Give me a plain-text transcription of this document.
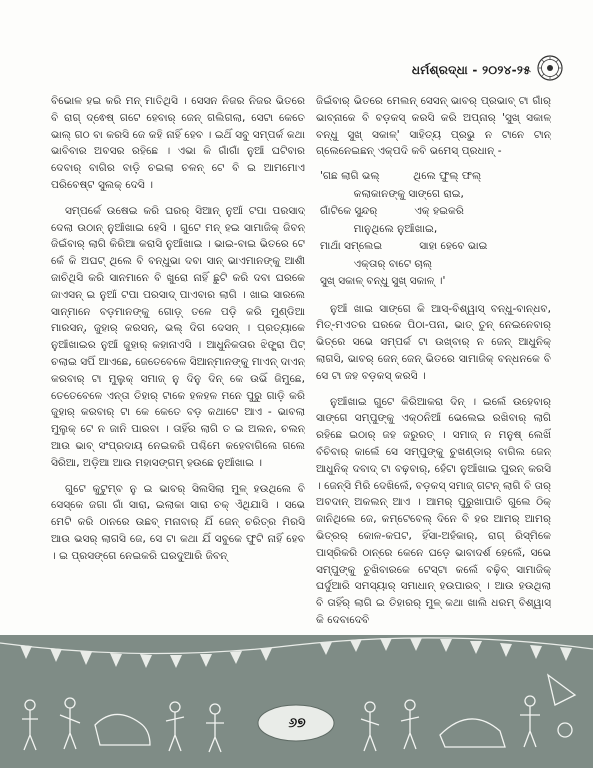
ଧର୍ମଶ୍ରଦ୍ଧା - ୨୦୨୪-୨୫

ବିଭୋଳ ହଇ କରି ମନ୍ ମାତିଥିସି । ସେସନ ନିଜର ନିଜର ଭିତରେ ବି ରାଗ୍ ଦ୍ଵେଷ୍ ଗଟେ ହେବାର୍ ଜେନ୍ ଗଲିଗଲା, ସେଟା କେତେ ଭାଲ୍ ଗଠ ବା କରସି ଜେ କହି ନାହିଁ ହେବ । ଇଥିଁ ସବୁ ସମ୍ପର୍କ କଥା ଭାବିବାର ଅବସର ରହିଛେ । ଏଭା କି ଗାଁଗାଁ ନୁଆଁ ଘଟିବାର ଦେବାର୍ ବାଗିର ବାଡ଼ି ଚଇଲା ଚଳନ୍ ଟେ ବି ଇ ଆମମୋଏ ପରିବେଷ୍ଟ ସୁଲକ୍ ଦେସି ।

ସମ୍ପର୍କେ ଉଷେଇ କରି ଘରର୍ ସିଆନ୍ ନୁଆଁ ଟପା ପରସାଦ୍ ଦେଲା ଉଠାନ୍ ନୁଆଁଖାଇ ହେସି । ଗୁଟେ ମନ୍ ହଇ ସାମାଜିକ୍ ଜିବନ୍ ଜିଇଁବାର୍ ଲାଗି କିରିଆ କରାସି ନୁଆଁଖାଇ । ଭାଇ-ବାଇ ଭିତରେ ଟେ କେଁ କି ଅଘଟ୍ ଥିଲେ ବି ବନ୍ଧୁଭା ଦବା ସାନ୍ ଭାଏମାନଙ୍କୁ ଆଶୀଁ ଜାଚିଥିସି କରି ସାନମାନେ ବି ଖୁରୋ ନାହିଁ ଛୁଟି କରି ଦବା ଘରକେ ଜାଏସନ୍ ଇ ନୁଆଁ ଟପା ପରସାଦ୍ ପାଏବାର ଲାଗି । ଖାଇ ସାରଲେ ସାନ୍ମାନେ ବଡ଼ମାନଙ୍କୁ ଗୋଡ଼୍ ତଳେ ପଡ଼ି କରି ମୁଣ୍ଡିଆ ମାରସନ୍, ଜୁହାର୍ କରସନ୍, ଭଲ୍ ଦିଗ ଦେସନ୍ । ପ୍ରତ୍ୟାକେ ନୁଆଁଖାଇର ନୁଆଁ ଜୁହାର୍ କହାନାଏସି । ଆଧୁନିକତାର ଝିଙ୍ଗ୍ରା ପିଟ୍ ଚଲାଇ ସପିଁ ଆଏଛେ, ଜେତେବେଳେ ସିଆନ୍ମାନଙ୍କୁ ମାଏନ୍ ଦାଏନ୍ କରବାର୍ ଟା ମୁଲୁକ୍ ସମାଜ୍ ନୁ ଦିନୁ ଦିନ୍ କେ ଉଭିଁ ଜିମୁଛେ, ତେତେବେଳେ ଏନ୍ତା ତିହାର୍ ଟାକେ ହଳହଳ ମନେ ପୁରୁ ଗାଡ଼ି କରି ଜୁହାର୍ କରବାର୍ ଟା କେ କେତେ ବଡ଼ କଥାଟେ ଆଏ - ଭାବଲା ମୁଲୁକ୍ ଟେ ନ ଜାନି ପାରବା । ତାହିଁର ଲାଗି ତ ଇ ଅଲନ, ଚଲନ୍ ଆଉ ଭାବ୍ ସଂପ୍ରଦାୟ ନେଇକରି ପଶ୍ଚିମେ କହେବାଗିଲେ ଗଲେ ସିରିଆ, ଅଡ଼ିଆ ଆଉ ମହାସଙ୍ଗମ୍ ହଉଛେ ନୁଆଁଖାଇ ।

ଗୁଟେ କୁଟୁମ୍ବ ନୁ ଇ ଭାବର୍ ସିଲସିଲା ମୁଳ୍ ହଉଥିଲେ ବି ସେସ୍କେ ଜଗା ଗାଁ ସାରା, ଇଲାକା ସାରା ଚକ୍ ଏଁଥିଯାସି । ସଭେ ମେଟି କରି ଠାନରେ ଉଛବ୍ ମନାବାର୍ ଯିଁ ଜେନ୍ ଚରିତ୍ର ମିରସି ଆଉ ଭସର୍ ଲାଗସି ଜେ, ସେ ଟା କଥା ଯିଁ ସବୁକେ ଫୁଟି ନାହିଁ ହେବ । ଇ ପ୍ରସଙ୍ଗେ ନେଇକରି ଘରଦୁଆରି ଜିବନ୍

ଜିଇଁବାର୍ ଭିତରେ ମେଲନ୍ ସେସନ୍ ଭାବର୍ ପ୍ରଭାବ୍ ଟା ଗାଁର୍ ଭାବ୍ନାକେ ବି ବଡ଼କସ୍ କରସି କରି ଅପ୍ନାର୍ 'ସୁଖ୍ ସକାଳ୍ ବନ୍ଧୁ ସୁଖ୍ ସକାଳ୍' ସାହିତ୍ୟ ପ୍ରଭୁ ନ ଟାନେ ଟାନ୍ ଗ୍ଲେନେଇଛନ୍ ଏକ୍ପଦି କବି ଭମେସ୍ ପ୍ରଧାନ୍ -

'ଗଛ ଲାଗି ଭଲ୍          ଥିଲେ ଫୁଲ୍ ଫଲ୍
କଲାକାନଙ୍କୁ ସାଙ୍ଗେ ରାଇ,
ଗାଁଟିକେ ସୁନ୍ଦର୍           ଏକ୍ ହଇକରି
ମାନୁଥିଲେ ନୁଆଁଖାଇ,
ମାଥାଁ ସମ୍ଲେଇ           ସାହା ହେବେ ଭାଇ
ଏକ୍ତାର୍ ବାଟେ ଚାଲ୍
ସୁଖ୍ ସକାଳ୍ ବନ୍ଧୁ ସୁଖ୍ ସକାଳ୍ ।'

ନୁଆଁ ଖାଇ ସାଙ୍ଗେ କି ଆସ୍-ବିଶ୍ୱାସ୍ ବନ୍ଧୁ-ବାନ୍ଧବ, ମିତ୍-ମଏତର ଘରକେ ପିଠା-ପନା, ଭାତ୍ ତୁନ୍ ନେଇନେବାର୍ ଭିତ୍ରେ ସଭେ ସମ୍ପର୍କ ଟା ଉଖ୍ବାର୍ ନ ଜେନ୍ ଆଧୁନିକ୍ ଲାଗସି, ଭାବର୍ ଜେନ୍ ଜେନ୍ ଭିତରେ ସାମାଜିକ୍ ବନ୍ଧନକେ ବି ସେ ଟା ଜହ ବଡ଼କସ୍ କରସି ।

ନୁଆଁଖାଇ ଗୁଟେ କିରିଆକରା ଦିନ୍ । ଇଲେଁ ଉହେବାର୍ ସାଙ୍ଗେ ସମ୍ପୁଙ୍କୁ ଏକ୍ଠନିଆଁ ଭେଲେଇ ରଖିବାର୍ ଲାଗି ରହିଛେ ଇଠାର୍ ଜହ ଜରୁରତ୍ । ସମାଜ୍ ନ ମନୁଷ୍ ଲେଖିଁ ବଁଚିବାର୍ କାଲେଁ ସେ ସମ୍ପୁଙ୍କୁ ଚୁଖଣ୍ଡାର୍ ବାଗିଲ ଜେନ୍ ଆଧୁନିକ୍ ଦବାଦ୍ ଟା ବଢ଼ବାର୍, ହେଁଟା ନୁଆଁଖାଇ ପୁରନ୍ କରସି । ଜେନ୍ସି ମିରି ଦେଖିଲେଁ, ବଡ଼କସ୍ ସମାଜ୍ ଗଟନ୍ ଲାଗି ବି ତାର୍ ଅବଦାନ୍ ଅକଲନ୍ ଆଏ । ଆମର୍ ପୁରୁଖାପାତି ଗୁଲେ ଠିକ୍ ଜାନିଥିଲେ ଜେ, କମ୍ଟେବେଲ୍ ଦିନେ ବି ହର ଆମର୍ ଆମର୍ ଭିତ୍ରର୍ କୋଳ-କପଟ, ହିଁସା-ଅହଁକାର୍, ରାଗ୍ ରିସ୍ମିକେ ପାସ୍ରିକରି ଠାନ୍ରେ କେନେ ଘଡ଼େ ଭାବାଦର୍ଶ ହେଲେଁ, ସଭେ ସମ୍ପୁଙ୍କୁ ଚୁଖିବାରକେ ଟେସ୍ଟା କଲେଁ ବଢ଼ିବ୍ ସାମାଜିକ୍ ଘର୍ଦୁଆରି ସମସ୍ୟାର୍ ସମାଧାନ୍ ହଉପାରବ୍ । ଆଉ ହଉଥିଲା ବି ତାହିଁର୍ ଲାଗି ଇ ତିହାରର୍ ମୁଳ୍ କଥା ଖାଲି ଧରମ୍ ବିଶ୍ୱାସ୍ କି ଦେବାଦେବି

୬୭
